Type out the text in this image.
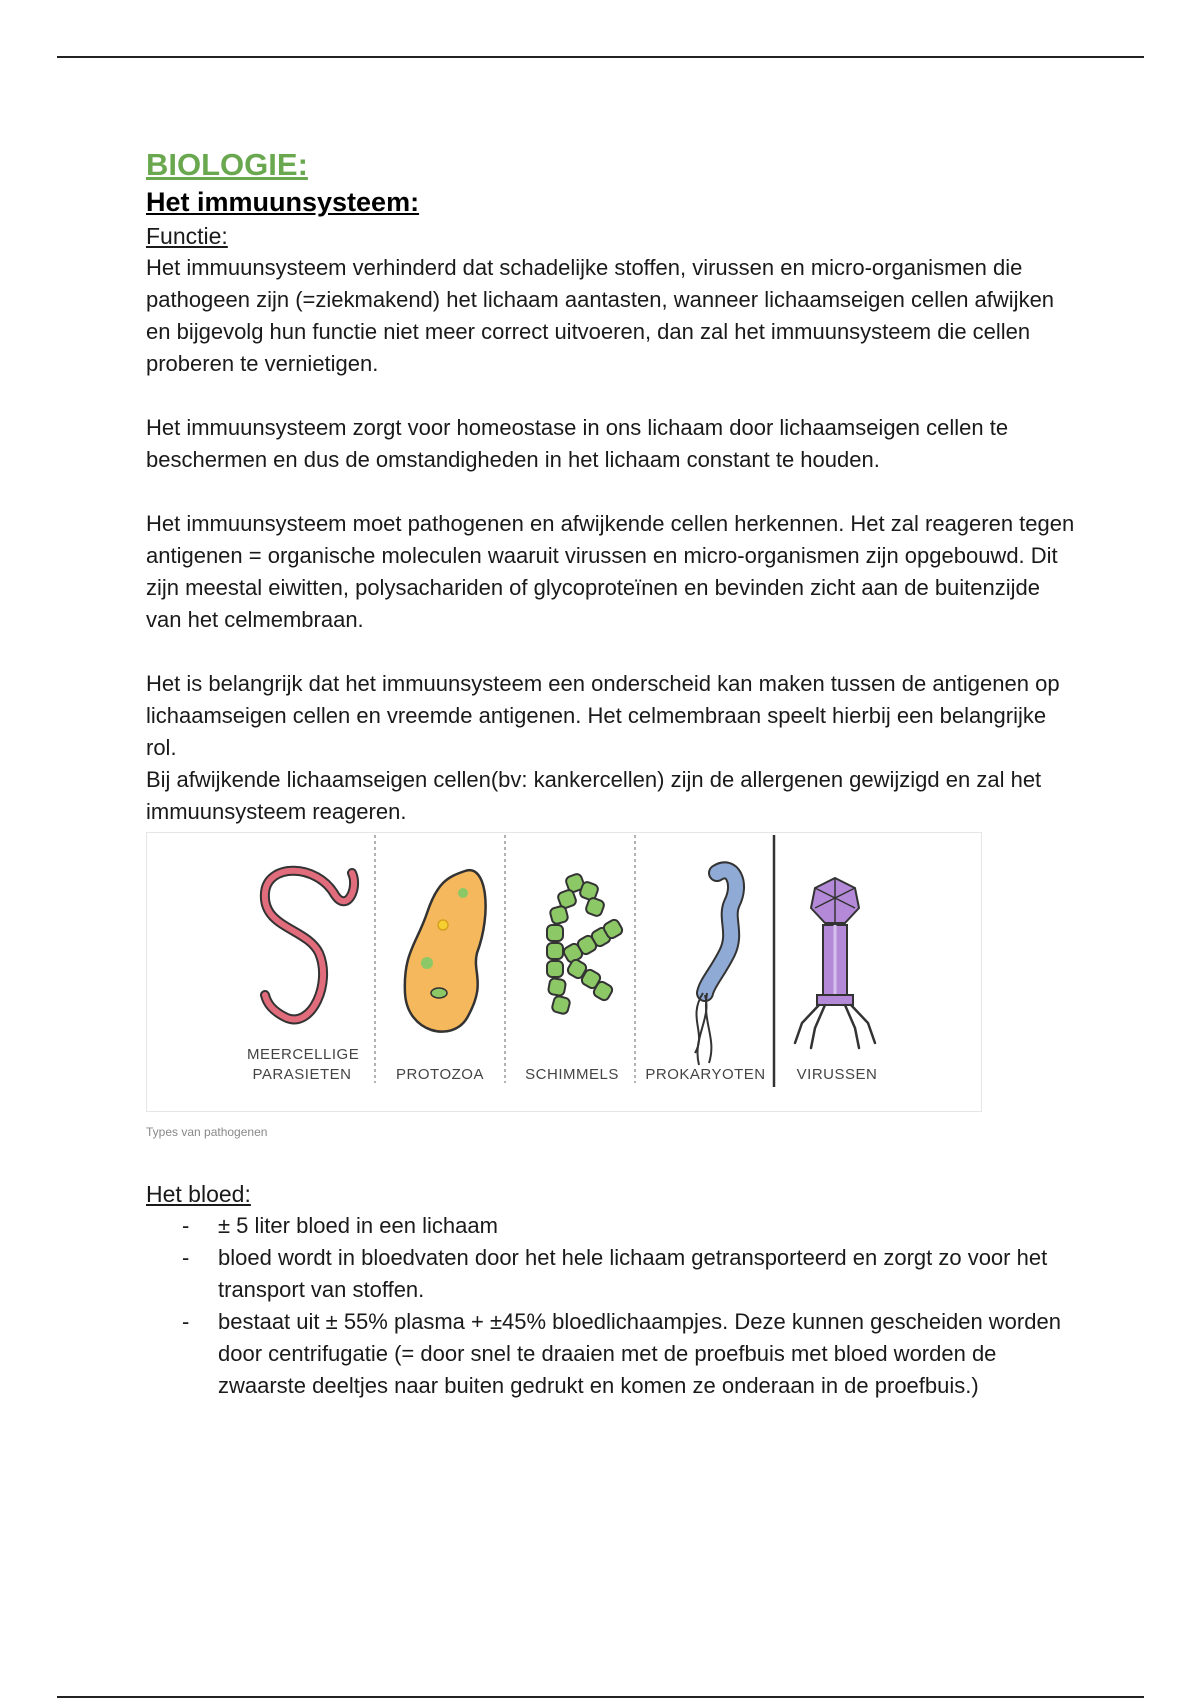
BIOLOGIE:
Het immuunsysteem:
Functie:

Het immuunsysteem verhinderd dat schadelijke stoffen, virussen en micro-organismen die pathogeen zijn (=ziekmakend) het lichaam aantasten, wanneer lichaamseigen cellen afwijken en bijgevolg hun functie niet meer correct uitvoeren, dan zal het immuunsysteem die cellen proberen te vernietigen.

Het immuunsysteem zorgt voor homeostase in ons lichaam door lichaamseigen cellen te beschermen en dus de omstandigheden in het lichaam constant te houden.

Het immuunsysteem moet pathogenen en afwijkende cellen herkennen. Het zal reageren tegen antigenen = organische moleculen waaruit virussen en micro-organismen zijn opgebouwd. Dit zijn meestal eiwitten, polysachariden of glycoproteïnen en bevinden zicht aan de buitenzijde van het celmembraan.

Het is belangrijk dat het immuunsysteem een onderscheid kan maken tussen de antigenen op lichaamseigen cellen en vreemde antigenen. Het celmembraan speelt hierbij een belangrijke rol.

Bij afwijkende lichaamseigen cellen(bv: kankercellen) zijn de allergenen gewijzigd en zal het immuunsysteem reageren.

MEERCELLIGE PARASIETEN	PROTOZOA	SCHIMMELS	PROKARYOTEN	VIRUSSEN
Types van pathogenen
Het bloed:
- ± 5 liter bloed in een lichaam
- bloed wordt in bloedvaten door het hele lichaam getransporteerd en zorgt zo voor het transport van stoffen.
- bestaat uit ± 55% plasma + ±45% bloedlichaampjes. Deze kunnen gescheiden worden door centrifugatie (= door snel te draaien met de proefbuis met bloed worden de zwaarste deeltjes naar buiten gedrukt en komen ze onderaan in de proefbuis.)
